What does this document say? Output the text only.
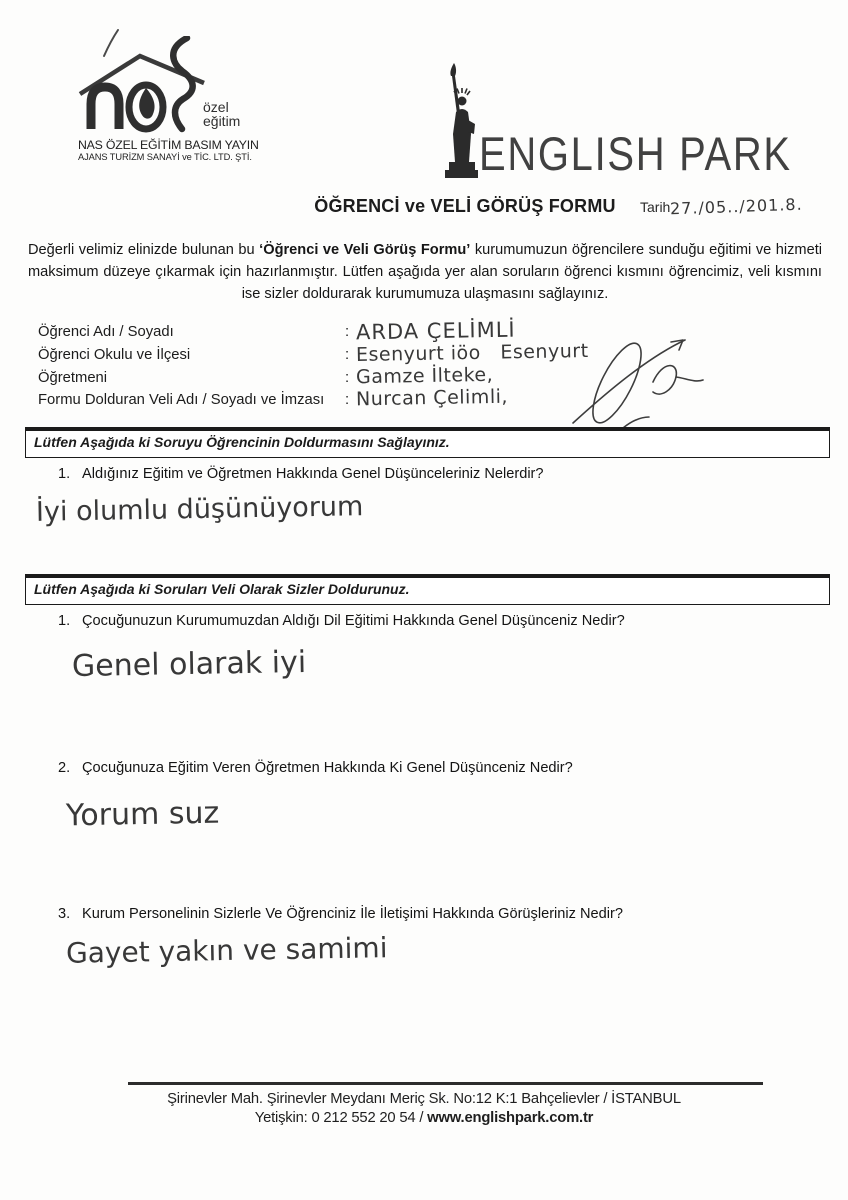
özel
eğitim
NAS ÖZEL EĞİTİM BASIM YAYIN
AJANS TURİZM SANAYİ ve TİC. LTD. ŞTİ.	ENGLISH PARK
ÖĞRENCİ ve VELİ GÖRÜŞ FORMU Tarih27./05../201.8.
Değerli velimiz elinizde bulunan bu ‘Öğrenci ve Veli Görüş Formu’ kurumumuzun öğrencilere sunduğu eğitimi ve hizmeti maksimum düzeye çıkarmak için hazırlanmıştır. Lütfen aşağıda yer alan soruların öğrenci kısmını öğrencimiz, veli kısmını ise sizler doldurarak kurumumuza ulaşmasını sağlayınız.
Öğrenci Adı / Soyadı	: ARDA ÇELİMLİ
Öğrenci Okulu ve İlçesi	: Esenyurt iöo   Esenyurt
Öğretmeni	: Gamze İlteke,
Formu Dolduran Veli Adı / Soyadı ve İmzası : Nurcan Çelimli,
Lütfen Aşağıda ki Soruyu Öğrencinin Doldurmasını Sağlayınız.
1. Aldığınız Eğitim ve Öğretmen Hakkında Genel Düşünceleriniz Nelerdir?
İyi olumlu düşünüyorum
Lütfen Aşağıda ki Soruları Veli Olarak Sizler Doldurunuz.
1. Çocuğunuzun Kurumumuzdan Aldığı Dil Eğitimi Hakkında Genel Düşünceniz Nedir?
Genel olarak iyi
2. Çocuğunuza Eğitim Veren Öğretmen Hakkında Ki Genel Düşünceniz Nedir?
Yorum suz
3. Kurum Personelinin Sizlerle Ve Öğrenciniz İle İletişimi Hakkında Görüşleriniz Nedir?
Gayet yakın ve samimi
Şirinevler Mah. Şirinevler Meydanı Meriç Sk. No:12 K:1 Bahçelievler / İSTANBUL
Yetişkin: 0 212 552 20 54 / www.englishpark.com.tr
